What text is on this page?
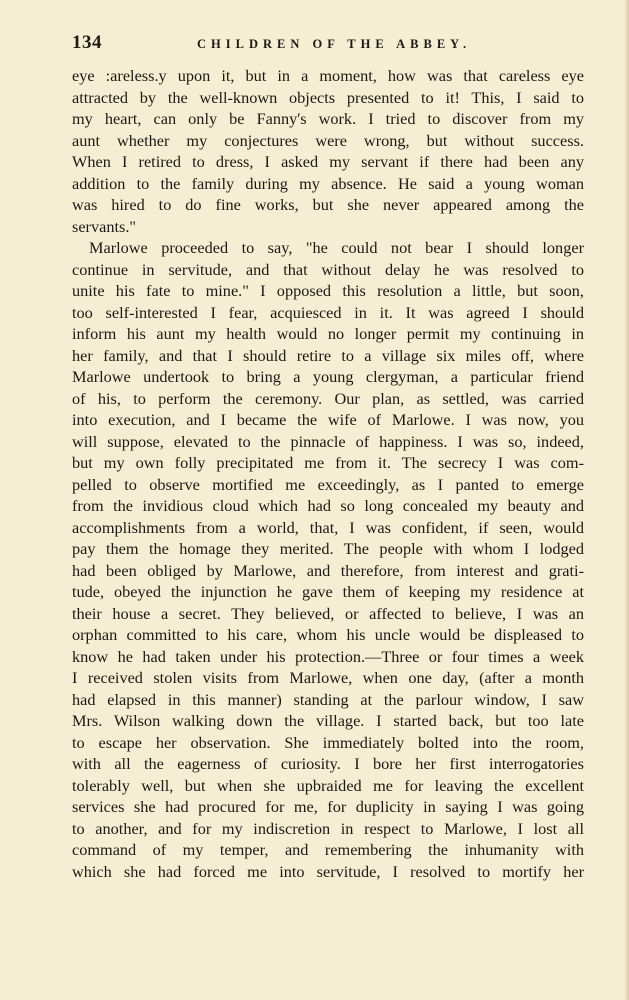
134	CHILDREN OF THE ABBEY.
eye :areless.y upon it, but in a moment, how was that careless eye
attracted by the well-known objects presented to it! This, I said to
my heart, can only be Fanny's work. I tried to discover from my
aunt whether my conjectures were wrong, but without success.
When I retired to dress, I asked my servant if there had been any
addition to the family during my absence. He said a young woman
was hired to do fine works, but she never appeared among the
servants."
Marlowe proceeded to say, "he could not bear I should longer
continue in servitude, and that without delay he was resolved to
unite his fate to mine." I opposed this resolution a little, but soon,
too self-interested I fear, acquiesced in it. It was agreed I should
inform his aunt my health would no longer permit my continuing in
her family, and that I should retire to a village six miles off, where
Marlowe undertook to bring a young clergyman, a particular friend
of his, to perform the ceremony. Our plan, as settled, was carried
into execution, and I became the wife of Marlowe. I was now, you
will suppose, elevated to the pinnacle of happiness. I was so, indeed,
but my own folly precipitated me from it. The secrecy I was com-
pelled to observe mortified me exceedingly, as I panted to emerge
from the invidious cloud which had so long concealed my beauty and
accomplishments from a world, that, I was confident, if seen, would
pay them the homage they merited. The people with whom I lodged
had been obliged by Marlowe, and therefore, from interest and grati-
tude, obeyed the injunction he gave them of keeping my residence at
their house a secret. They believed, or affected to believe, I was an
orphan committed to his care, whom his uncle would be displeased to
know he had taken under his protection.—Three or four times a week
I received stolen visits from Marlowe, when one day, (after a month
had elapsed in this manner) standing at the parlour window, I saw
Mrs. Wilson walking down the village. I started back, but too late
to escape her observation. She immediately bolted into the room,
with all the eagerness of curiosity. I bore her first interrogatories
tolerably well, but when she upbraided me for leaving the excellent
services she had procured for me, for duplicity in saying I was going
to another, and for my indiscretion in respect to Marlowe, I lost all
command of my temper, and remembering the inhumanity with
which she had forced me into servitude, I resolved to mortify her
